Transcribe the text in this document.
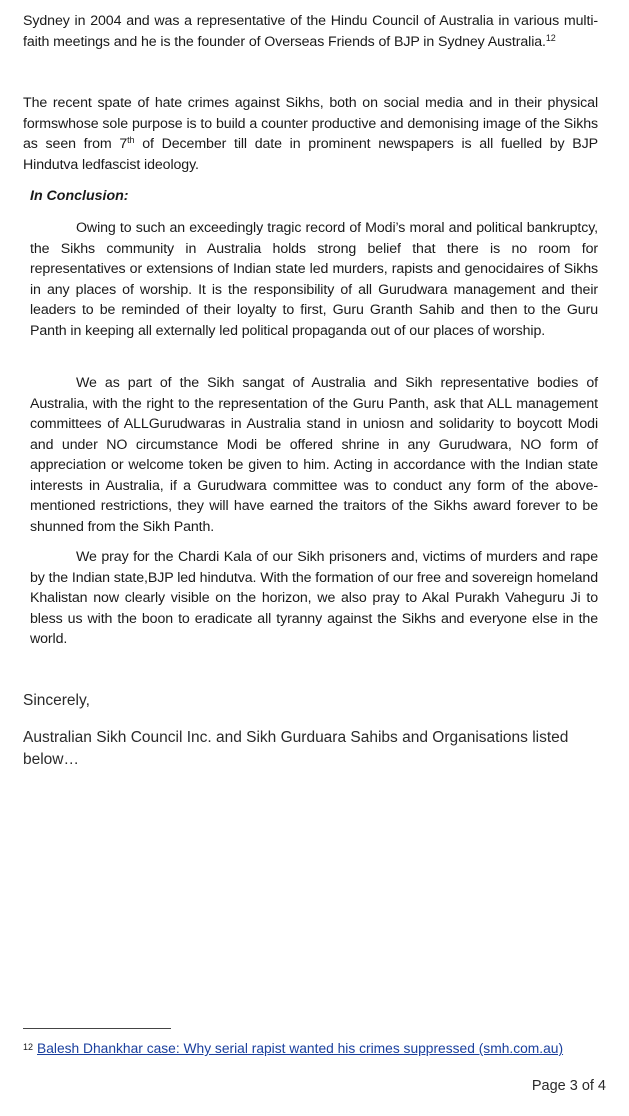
Sydney in 2004 and was a representative of the Hindu Council of Australia in various multi-faith meetings and he is the founder of Overseas Friends of BJP in Sydney Australia.$^{12}$

The recent spate of hate crimes against Sikhs, both on social media and in their physical formswhose sole purpose is to build a counter productive and demonising image of the Sikhs as seen from 7th of December till date in prominent newspapers is all fuelled by BJP Hindutva ledfascist ideology.

In Conclusion:

Owing to such an exceedingly tragic record of Modi’s moral and political bankruptcy, the Sikhs community in Australia holds strong belief that there is no room for representatives or extensions of Indian state led murders, rapists and genocidaires of Sikhs in any places of worship. It is the responsibility of all Gurudwara management and their leaders to be reminded of their loyalty to first, Guru Granth Sahib and then to the Guru Panth in keeping all externally led political propaganda out of our places of worship.

We as part of the Sikh sangat of Australia and Sikh representative bodies of Australia, with the right to the representation of the Guru Panth, ask that ALL management committees of ALLGurudwaras in Australia stand in uniosn and solidarity to boycott Modi and under NO circumstance Modi be offered shrine in any Gurudwara, NO form of appreciation or welcome token be given to him. Acting in accordance with the Indian state interests in Australia, if a Gurudwara committee was to conduct any form of the above-mentioned restrictions, they will have earned the traitors of the Sikhs award forever to be shunned from the Sikh Panth.

We pray for the Chardi Kala of our Sikh prisoners and, victims of murders and rape by the Indian state,BJP led hindutva. With the formation of our free and sovereign homeland Khalistan now clearly visible on the horizon, we also pray to Akal Purakh Vaheguru Ji to bless us with the boon to eradicate all tyranny against the Sikhs and everyone else in the world.

Sincerely,

Australian Sikh Council Inc. and Sikh Gurduara Sahibs and Organisations listed below…

$^{12}$ Balesh Dhankhar case: Why serial rapist wanted his crimes suppressed (smh.com.au)

Page 3 of 4
